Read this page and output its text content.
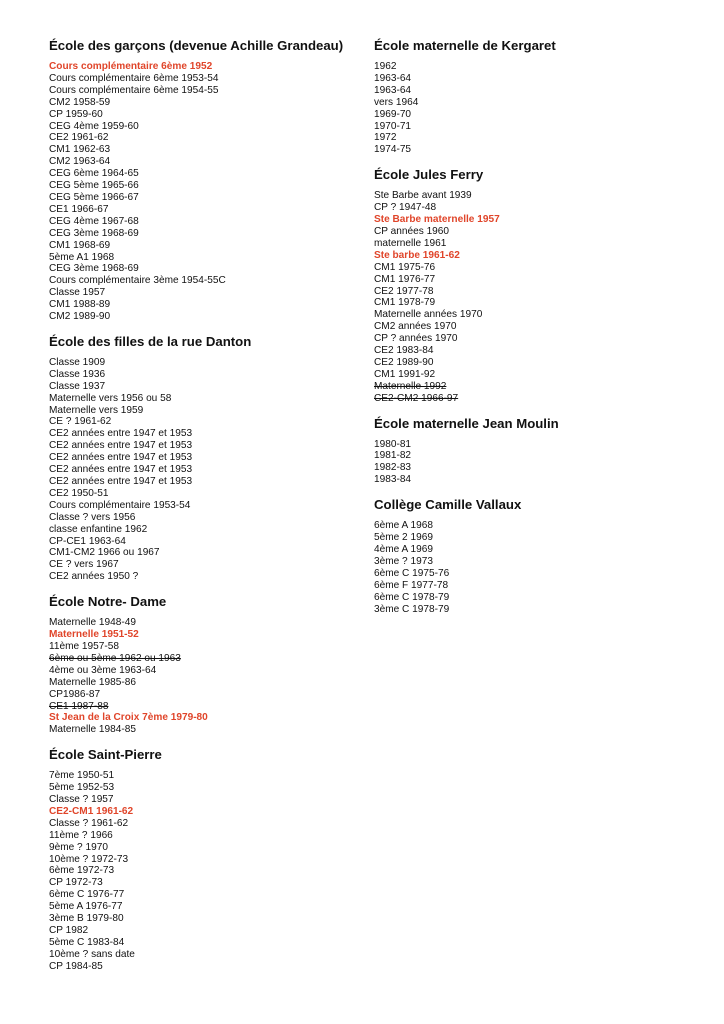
École des garçons (devenue Achille Grandeau)
Cours complémentaire 6ème 1952
Cours complémentaire 6ème 1953-54
Cours complémentaire 6ème 1954-55
CM2 1958-59
CP 1959-60
CEG 4ème 1959-60
CE2 1961-62
CM1 1962-63
CM2 1963-64
CEG 6ème 1964-65
CEG 5ème 1965-66
CEG 5ème 1966-67
CE1 1966-67
CEG 4ème 1967-68
CEG 3ème 1968-69
CM1 1968-69
5ème A1 1968
CEG 3ème 1968-69
Cours complémentaire 3ème 1954-55C
Classe 1957
CM1 1988-89
CM2 1989-90
École des filles de la rue Danton
Classe 1909
Classe 1936
Classe 1937
Maternelle vers 1956 ou 58
Maternelle vers 1959
CE ? 1961-62
CE2 années entre 1947 et 1953
CE2 années entre 1947 et 1953
CE2 années entre 1947 et 1953
CE2 années entre 1947 et 1953
CE2 années entre 1947 et 1953
CE2 1950-51
Cours complémentaire 1953-54
Classe ? vers 1956
classe enfantine 1962
CP-CE1 1963-64
CM1-CM2 1966 ou 1967
CE ? vers 1967
CE2 années 1950 ?
École Notre- Dame
Maternelle 1948-49
Maternelle 1951-52
11ème 1957-58
6ème ou 5ème 1962 ou 1963
4ème ou 3ème 1963-64
Maternelle 1985-86
CP1986-87
CE1 1987-88
St Jean de la Croix 7ème 1979-80
Maternelle 1984-85
École Saint-Pierre
7ème 1950-51
5ème 1952-53
Classe ? 1957
CE2-CM1 1961-62
Classe ? 1961-62
11ème ? 1966
9ème ? 1970
10ème ? 1972-73
6ème 1972-73
CP 1972-73
6ème C 1976-77
5ème A 1976-77
3ème B 1979-80
CP 1982
5ème C 1983-84
10ème ? sans date
CP 1984-85
École maternelle de Kergaret
1962
1963-64
1963-64
vers 1964
1969-70
1970-71
1972
1974-75
École Jules Ferry
Ste Barbe avant 1939
CP ? 1947-48
Ste Barbe maternelle 1957
CP années 1960
maternelle 1961
Ste barbe 1961-62
CM1 1975-76
CM1 1976-77
CE2 1977-78
CM1 1978-79
Maternelle années 1970
CM2 années 1970
CP ? années 1970
CE2 1983-84
CE2 1989-90
CM1 1991-92
Maternelle 1992
CE2-CM2 1966-97
École maternelle Jean Moulin
1980-81
1981-82
1982-83
1983-84
Collège Camille Vallaux
6ème A 1968
5ème 2 1969
4ème A 1969
3ème ? 1973
6ème C 1975-76
6ème F 1977-78
6ème C 1978-79
3ème C 1978-79
